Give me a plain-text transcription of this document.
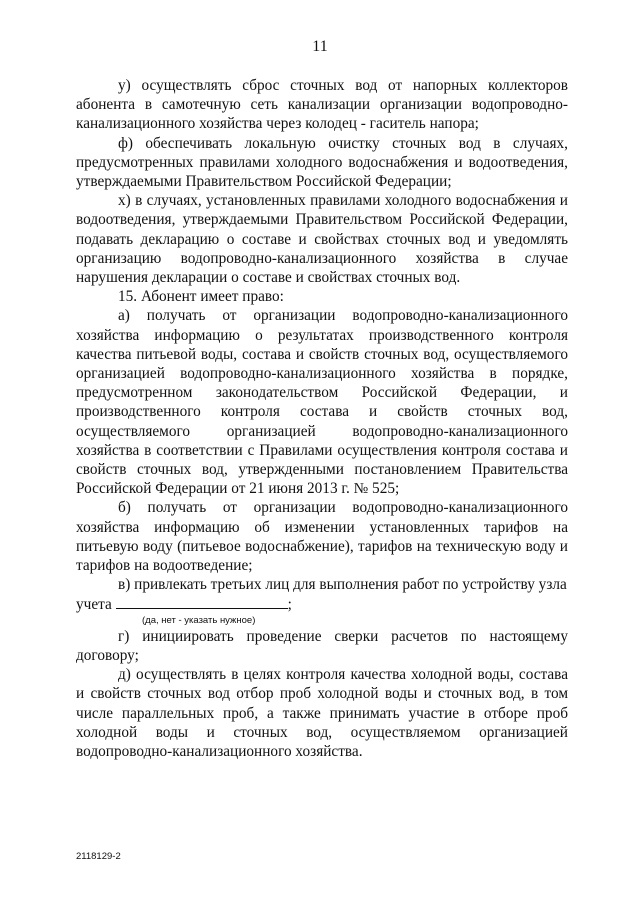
11

у) осуществлять сброс сточных вод от напорных коллекторов абонента в самотечную сеть канализации организации водопроводно-канализационного хозяйства через колодец - гаситель напора;

ф) обеспечивать локальную очистку сточных вод в случаях, предусмотренных правилами холодного водоснабжения и водоотведения, утверждаемыми Правительством Российской Федерации;

х) в случаях, установленных правилами холодного водоснабжения и водоотведения, утверждаемыми Правительством Российской Федерации, подавать декларацию о составе и свойствах сточных вод и уведомлять организацию водопроводно-канализационного хозяйства в случае нарушения декларации о составе и свойствах сточных вод.

15. Абонент имеет право:

а) получать от организации водопроводно-канализационного хозяйства информацию о результатах производственного контроля качества питьевой воды, состава и свойств сточных вод, осуществляемого организацией водопроводно-канализационного хозяйства в порядке, предусмотренном законодательством Российской Федерации, и производственного контроля состава и свойств сточных вод, осуществляемого организацией водопроводно-канализационного хозяйства в соответствии с Правилами осуществления контроля состава и свойств сточных вод, утвержденными постановлением Правительства Российской Федерации от 21 июня 2013 г. № 525;

б) получать от организации водопроводно-канализационного хозяйства информацию об изменении установленных тарифов на питьевую воду (питьевое водоснабжение), тарифов на техническую воду и тарифов на водоотведение;

в) привлекать третьих лиц для выполнения работ по устройству узла

учета	;

(да, нет - указать нужное)

г) инициировать проведение сверки расчетов по настоящему договору;

д) осуществлять в целях контроля качества холодной воды, состава и свойств сточных вод отбор проб холодной воды и сточных вод, в том числе параллельных проб, а также принимать участие в отборе проб холодной воды и сточных вод, осуществляемом организацией водопроводно-канализационного хозяйства.

2118129-2
